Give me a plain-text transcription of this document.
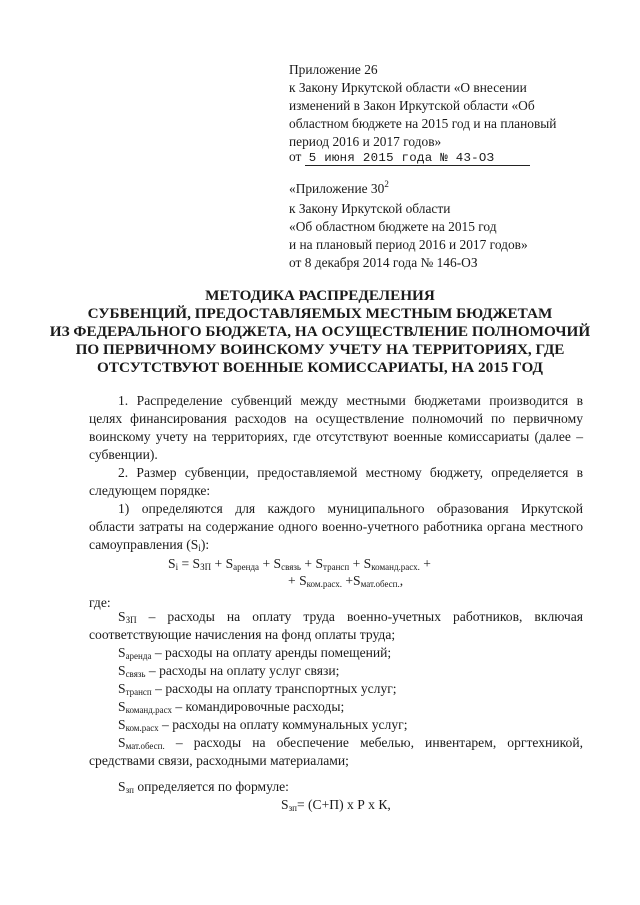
Приложение 26
к Закону Иркутской области «О внесении
изменений в Закон Иркутской области «Об
областном бюджете на 2015 год и на плановый
период 2016 и 2017 годов»
от 5 июня 2015 года № 43-ОЗ
«Приложение $30^2$
к Закону Иркутской области
«Об областном бюджете на 2015 год
и на плановый период 2016 и 2017 годов»
от 8 декабря 2014 года № 146-ОЗ
МЕТОДИКА РАСПРЕДЕЛЕНИЯ
СУБВЕНЦИЙ, ПРЕДОСТАВЛЯЕМЫХ МЕСТНЫМ БЮДЖЕТАМ
ИЗ ФЕДЕРАЛЬНОГО БЮДЖЕТА, НА ОСУЩЕСТВЛЕНИЕ ПОЛНОМОЧИЙ
ПО ПЕРВИЧНОМУ ВОИНСКОМУ УЧЕТУ НА ТЕРРИТОРИЯХ, ГДЕ
ОТСУТСТВУЮТ ВОЕННЫЕ КОМИССАРИАТЫ, НА 2015 ГОД
1. Распределение субвенций между местными бюджетами производится в
целях финансирования расходов на осуществление полномочий по первичному
воинскому учету на территориях, где отсутствуют военные комиссариаты (далее –
субвенции).
2. Размер субвенции, предоставляемой местному бюджету, определяется в
следующем порядке:
1) определяются для каждого муниципального образования Иркутской
области затраты на содержание одного военно-учетного работника органа местного
самоуправления $(S_i)$:
$S_i = S_{ЗП} + S_{аренда} + S_{связь} + S_{трансп} + S_{команд.расх.}$ +
+ $S_{ком.расх.} +S_{мат.обесп.}$,
где:
$S_{ЗП}$ – расходы на оплату труда военно-учетных работников, включая
соответствующие начисления на фонд оплаты труда;
$S_{аренда}$ – расходы на оплату аренды помещений;
$S_{связь}$ – расходы на оплату услуг связи;
$S_{трансп}$ – расходы на оплату транспортных услуг;
$S_{команд.расх}$ – командировочные расходы;
$S_{ком.расх}$ – расходы на оплату коммунальных услуг;
$S_{мат.обесп.}$ – расходы на обеспечение мебелью, инвентарем, оргтехникой,
средствами связи, расходными материалами;
$S_{зп}$ определяется по формуле:
$S_{зп}= (С+П)$ х Р х К,
